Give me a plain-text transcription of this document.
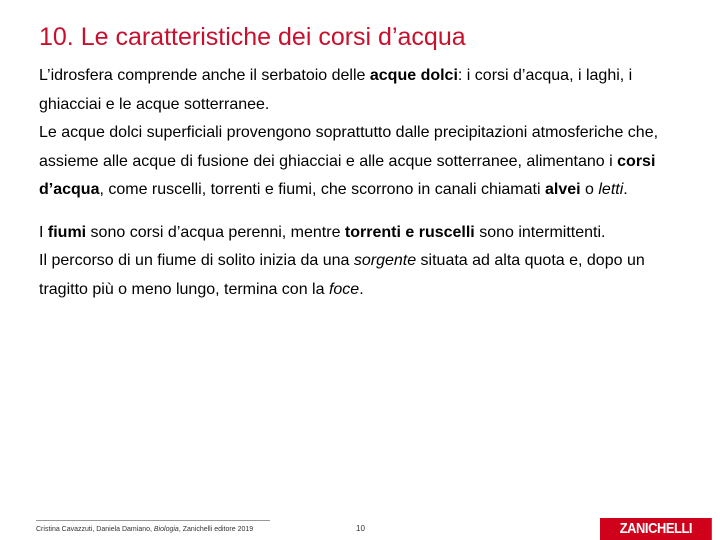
10. Le caratteristiche dei corsi d’acqua

L’idrosfera comprende anche il serbatoio delle acque dolci: i corsi d’acqua, i laghi, i ghiacciai e le acque sotterranee.

Le acque dolci superficiali provengono soprattutto dalle precipitazioni atmosferiche che, assieme alle acque di fusione dei ghiacciai e alle acque sotterranee, alimentano i corsi d’acqua, come ruscelli, torrenti e fiumi, che scorrono in canali chiamati alvei o letti.

I fiumi sono corsi d’acqua perenni, mentre torrenti e ruscelli sono intermittenti.

Il percorso di un fiume di solito inizia da una sorgente situata ad alta quota e, dopo un tragitto più o meno lungo, termina con la foce.

Cristina Cavazzuti, Daniela Damiano, Biologia, Zanichelli editore 2019	10	ZANICHELLI
